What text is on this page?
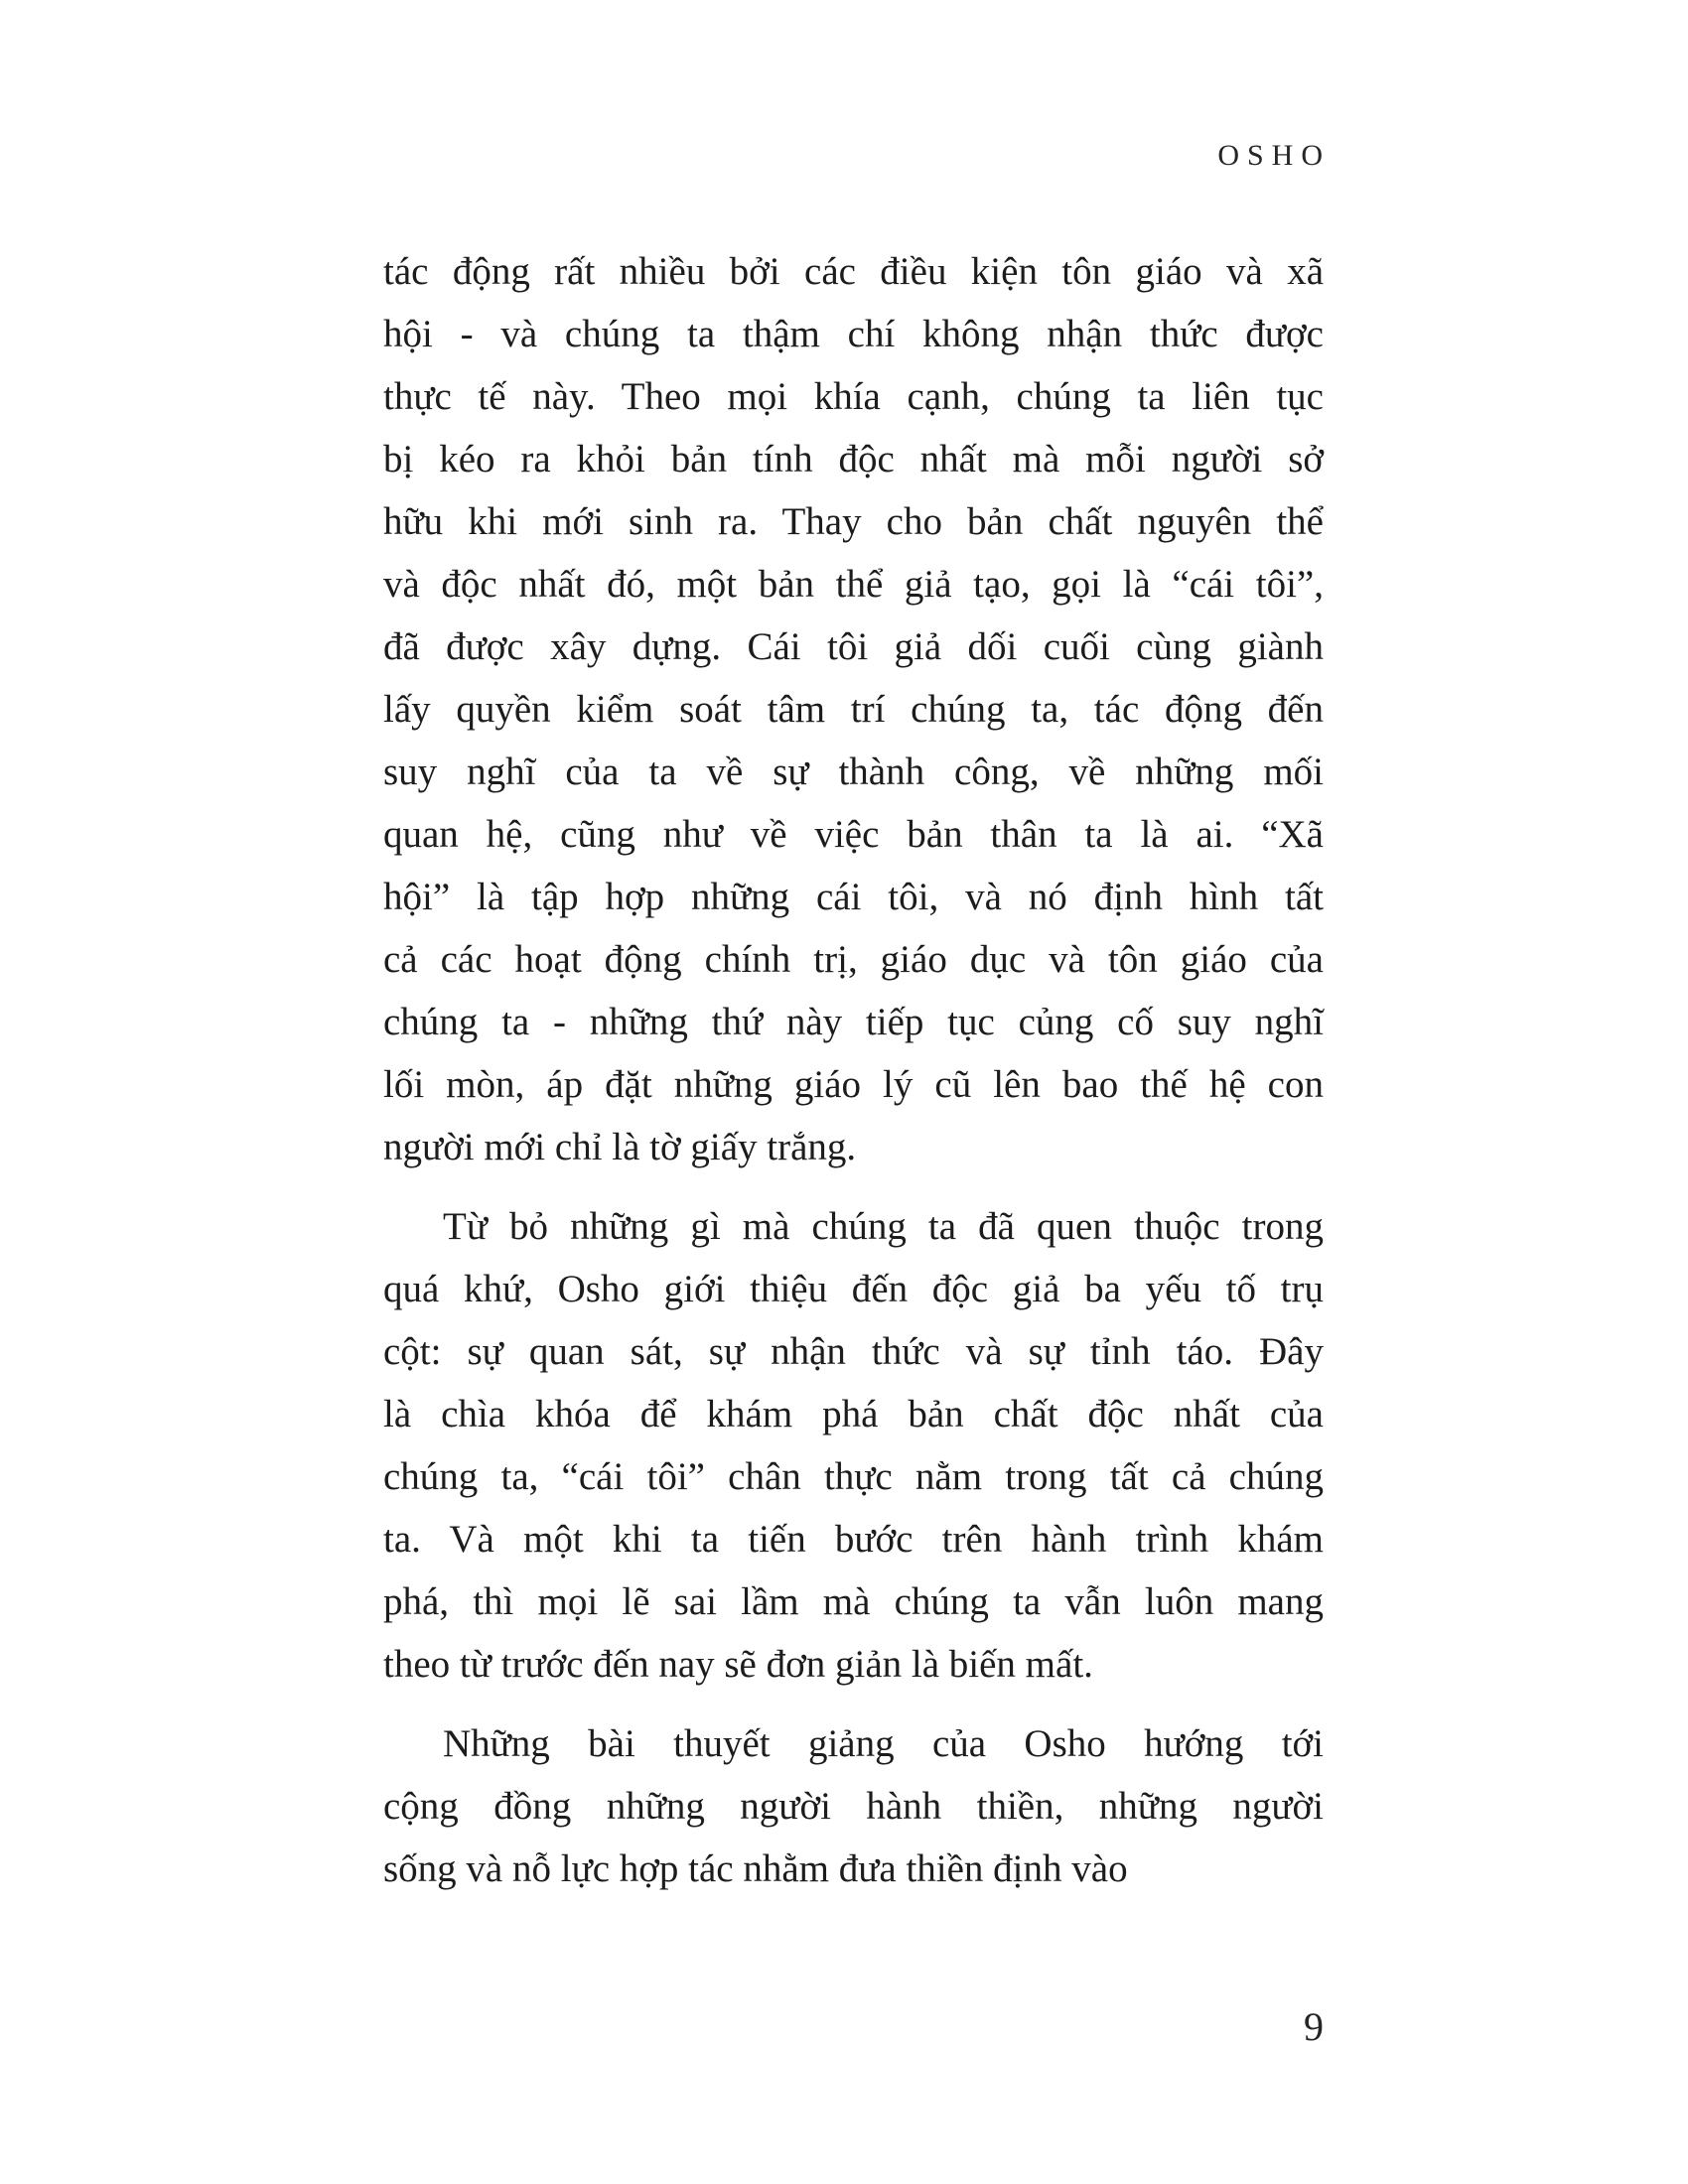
OSHO
tác động rất nhiều bởi các điều kiện tôn giáo và xã
hội - và chúng ta thậm chí không nhận thức được
thực tế này. Theo mọi khía cạnh, chúng ta liên tục
bị kéo ra khỏi bản tính độc nhất mà mỗi người sở
hữu khi mới sinh ra. Thay cho bản chất nguyên thể
và độc nhất đó, một bản thể giả tạo, gọi là “cái tôi”,
đã được xây dựng. Cái tôi giả dối cuối cùng giành
lấy quyền kiểm soát tâm trí chúng ta, tác động đến
suy nghĩ của ta về sự thành công, về những mối
quan hệ, cũng như về việc bản thân ta là ai. “Xã
hội” là tập hợp những cái tôi, và nó định hình tất
cả các hoạt động chính trị, giáo dục và tôn giáo của
chúng ta - những thứ này tiếp tục củng cố suy nghĩ
lối mòn, áp đặt những giáo lý cũ lên bao thế hệ con
người mới chỉ là tờ giấy trắng.
Từ bỏ những gì mà chúng ta đã quen thuộc trong
quá khứ, Osho giới thiệu đến độc giả ba yếu tố trụ
cột: sự quan sát, sự nhận thức và sự tỉnh táo. Đây
là chìa khóa để khám phá bản chất độc nhất của
chúng ta, “cái tôi” chân thực nằm trong tất cả chúng
ta. Và một khi ta tiến bước trên hành trình khám
phá, thì mọi lẽ sai lầm mà chúng ta vẫn luôn mang
theo từ trước đến nay sẽ đơn giản là biến mất.
Những bài thuyết giảng của Osho hướng tới
cộng đồng những người hành thiền, những người
sống và nỗ lực hợp tác nhằm đưa thiền định vào
9
